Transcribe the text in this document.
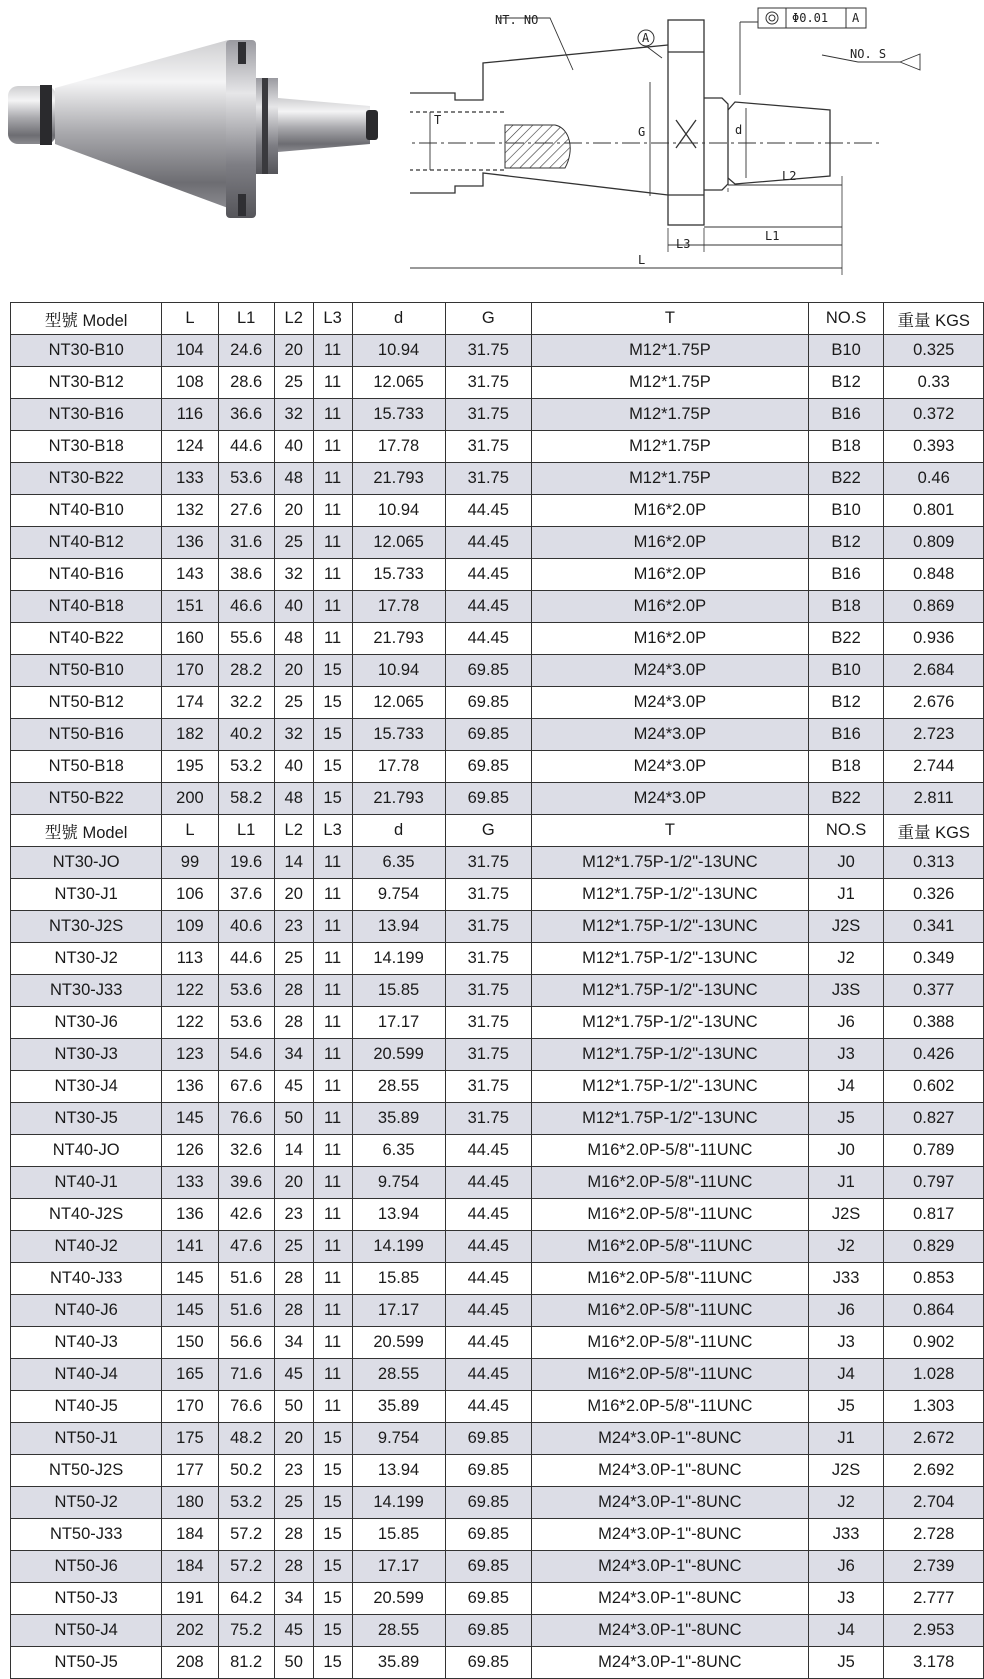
NT. NO
NO. S
A
Φ0.01 A
G
T
d
L
L1
L2
L3
型號 Model	L	L1	L2	L3	d	G	T	NO.S	重量 KGS
NT30-B10	104	24.6	20	11	10.94	31.75	M12*1.75P	B10	0.325
NT30-B12	108	28.6	25	11	12.065	31.75	M12*1.75P	B12	0.33
NT30-B16	116	36.6	32	11	15.733	31.75	M12*1.75P	B16	0.372
NT30-B18	124	44.6	40	11	17.78	31.75	M12*1.75P	B18	0.393
NT30-B22	133	53.6	48	11	21.793	31.75	M12*1.75P	B22	0.46
NT40-B10	132	27.6	20	11	10.94	44.45	M16*2.0P	B10	0.801
NT40-B12	136	31.6	25	11	12.065	44.45	M16*2.0P	B12	0.809
NT40-B16	143	38.6	32	11	15.733	44.45	M16*2.0P	B16	0.848
NT40-B18	151	46.6	40	11	17.78	44.45	M16*2.0P	B18	0.869
NT40-B22	160	55.6	48	11	21.793	44.45	M16*2.0P	B22	0.936
NT50-B10	170	28.2	20	15	10.94	69.85	M24*3.0P	B10	2.684
NT50-B12	174	32.2	25	15	12.065	69.85	M24*3.0P	B12	2.676
NT50-B16	182	40.2	32	15	15.733	69.85	M24*3.0P	B16	2.723
NT50-B18	195	53.2	40	15	17.78	69.85	M24*3.0P	B18	2.744
NT50-B22	200	58.2	48	15	21.793	69.85	M24*3.0P	B22	2.811
型號 Model	L	L1	L2	L3	d	G	T	NO.S	重量 KGS
NT30-JO	99	19.6	14	11	6.35	31.75	M12*1.75P-1/2"-13UNC	J0	0.313
NT30-J1	106	37.6	20	11	9.754	31.75	M12*1.75P-1/2"-13UNC	J1	0.326
NT30-J2S	109	40.6	23	11	13.94	31.75	M12*1.75P-1/2"-13UNC	J2S	0.341
NT30-J2	113	44.6	25	11	14.199	31.75	M12*1.75P-1/2"-13UNC	J2	0.349
NT30-J33	122	53.6	28	11	15.85	31.75	M12*1.75P-1/2"-13UNC	J3S	0.377
NT30-J6	122	53.6	28	11	17.17	31.75	M12*1.75P-1/2"-13UNC	J6	0.388
NT30-J3	123	54.6	34	11	20.599	31.75	M12*1.75P-1/2"-13UNC	J3	0.426
NT30-J4	136	67.6	45	11	28.55	31.75	M12*1.75P-1/2"-13UNC	J4	0.602
NT30-J5	145	76.6	50	11	35.89	31.75	M12*1.75P-1/2"-13UNC	J5	0.827
NT40-JO	126	32.6	14	11	6.35	44.45	M16*2.0P-5/8"-11UNC	J0	0.789
NT40-J1	133	39.6	20	11	9.754	44.45	M16*2.0P-5/8"-11UNC	J1	0.797
NT40-J2S	136	42.6	23	11	13.94	44.45	M16*2.0P-5/8"-11UNC	J2S	0.817
NT40-J2	141	47.6	25	11	14.199	44.45	M16*2.0P-5/8"-11UNC	J2	0.829
NT40-J33	145	51.6	28	11	15.85	44.45	M16*2.0P-5/8"-11UNC	J33	0.853
NT40-J6	145	51.6	28	11	17.17	44.45	M16*2.0P-5/8"-11UNC	J6	0.864
NT40-J3	150	56.6	34	11	20.599	44.45	M16*2.0P-5/8"-11UNC	J3	0.902
NT40-J4	165	71.6	45	11	28.55	44.45	M16*2.0P-5/8"-11UNC	J4	1.028
NT40-J5	170	76.6	50	11	35.89	44.45	M16*2.0P-5/8"-11UNC	J5	1.303
NT50-J1	175	48.2	20	15	9.754	69.85	M24*3.0P-1"-8UNC	J1	2.672
NT50-J2S	177	50.2	23	15	13.94	69.85	M24*3.0P-1"-8UNC	J2S	2.692
NT50-J2	180	53.2	25	15	14.199	69.85	M24*3.0P-1"-8UNC	J2	2.704
NT50-J33	184	57.2	28	15	15.85	69.85	M24*3.0P-1"-8UNC	J33	2.728
NT50-J6	184	57.2	28	15	17.17	69.85	M24*3.0P-1"-8UNC	J6	2.739
NT50-J3	191	64.2	34	15	20.599	69.85	M24*3.0P-1"-8UNC	J3	2.777
NT50-J4	202	75.2	45	15	28.55	69.85	M24*3.0P-1"-8UNC	J4	2.953
NT50-J5	208	81.2	50	15	35.89	69.85	M24*3.0P-1"-8UNC	J5	3.178
